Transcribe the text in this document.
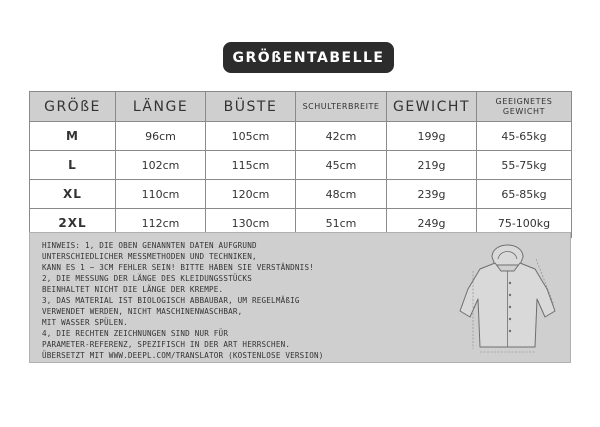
GRÖßENTABELLE
GRÖßE	LÄNGE	BÜSTE	SCHULTERBREITE	GEWICHT	GEEIGNETES GEWICHT
M	96cm	105cm	42cm	199g	45-65kg
L	102cm	115cm	45cm	219g	55-75kg
XL	110cm	120cm	48cm	239g	65-85kg
2XL	112cm	130cm	51cm	249g	75-100kg
HINWEIS: 1, DIE OBEN GENANNTEN DATEN AUFGRUND
UNTERSCHIEDLICHER MESSMETHODEN UND TECHNIKEN,
KANN ES 1 ~ 3CM FEHLER SEIN! BITTE HABEN SIE VERSTÄNDNIS!
2, DIE MESSUNG DER LÄNGE DES KLEIDUNGSSTÜCKS
BEINHALTET NICHT DIE LÄNGE DER KREMPE.
3, DAS MATERIAL IST BIOLOGISCH ABBAUBAR, UM REGELMÄßIG
VERWENDET WERDEN, NICHT MASCHINENWASCHBAR,
MIT WASSER SPÜLEN.
4, DIE RECHTEN ZEICHNUNGEN SIND NUR FÜR
PARAMETER-REFERENZ, SPEZIFISCH IN DER ART HERRSCHEN.
ÜBERSETZT MIT WWW.DEEPL.COM/TRANSLATOR (KOSTENLOSE VERSION)
